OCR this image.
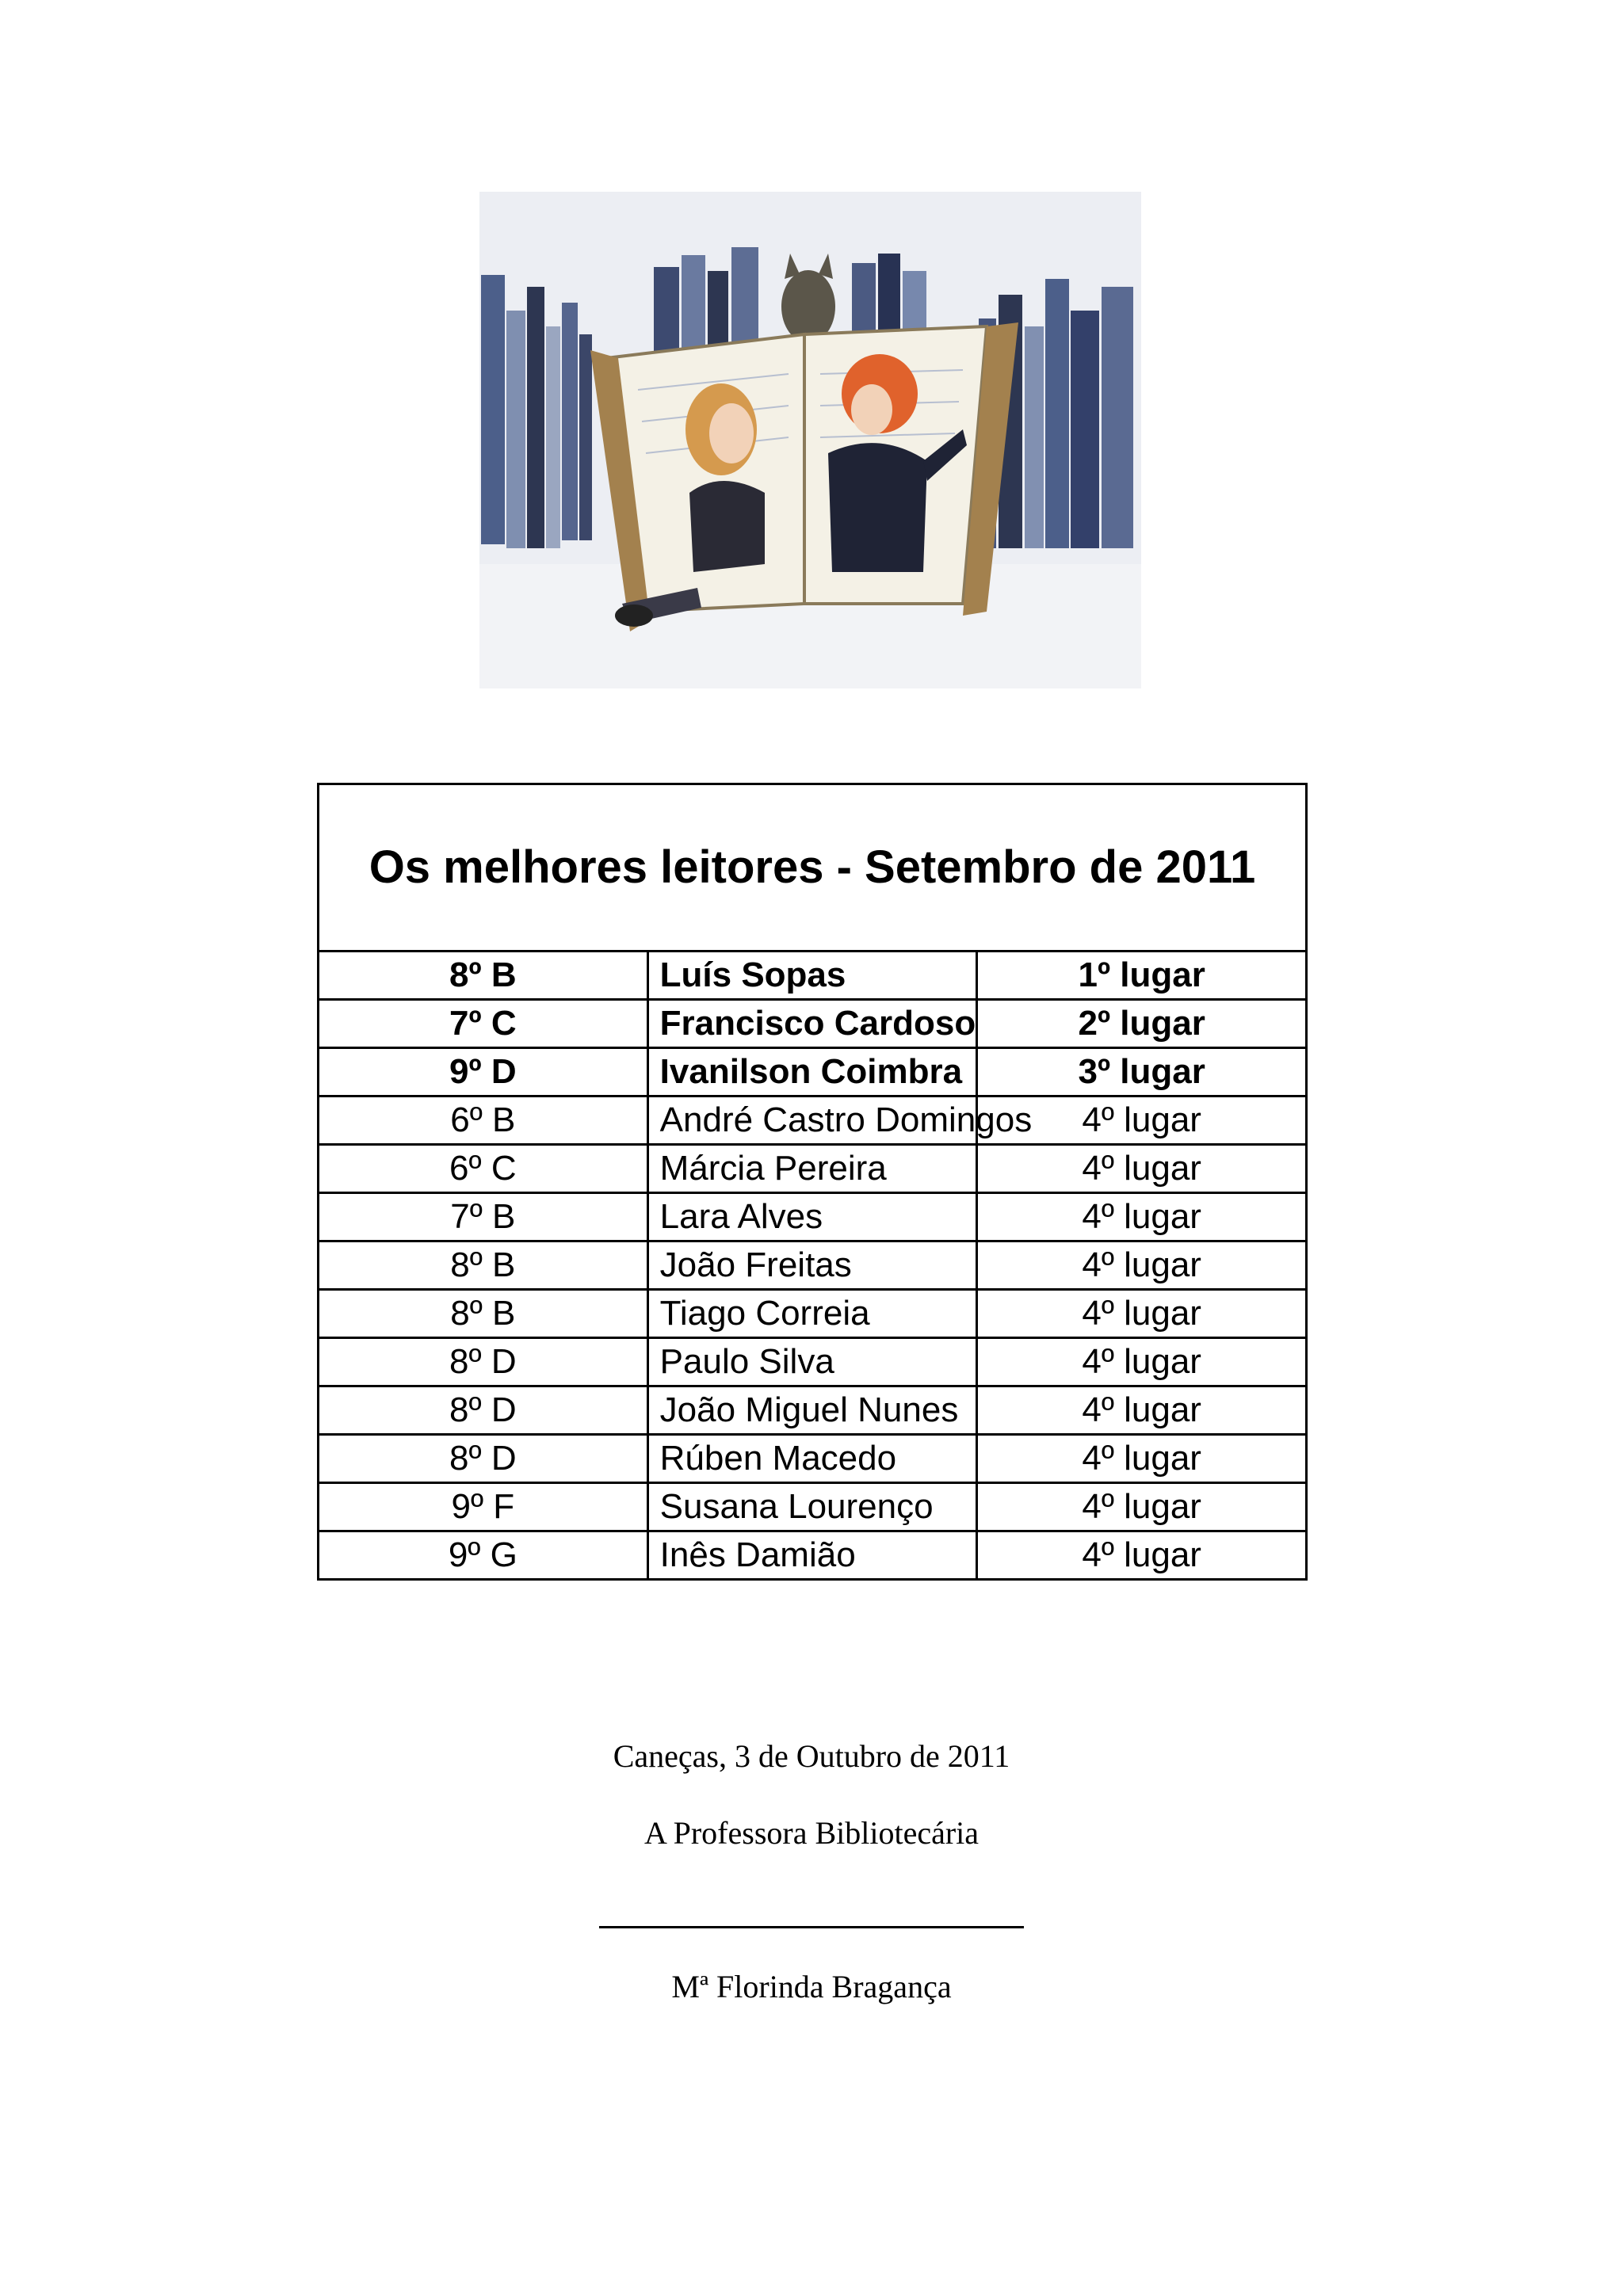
Os melhores leitores - Setembro de 2011		
8º B	Luís Sopas	1º lugar
7º C	Francisco Cardoso	2º lugar
9º D	Ivanilson Coimbra	3º lugar
6º B	André Castro Domingos	4º lugar
6º C	Márcia Pereira	4º lugar
7º B	Lara Alves	4º lugar
8º B	João Freitas	4º lugar
8º B	Tiago Correia	4º lugar
8º D	Paulo Silva	4º lugar
8º D	João Miguel Nunes	4º lugar
8º D	Rúben Macedo	4º lugar
9º F	Susana Lourenço	4º lugar
9º G	Inês Damião	4º lugar
Caneças, 3 de Outubro de 2011
A Professora Bibliotecária
Mª Florinda Bragança
